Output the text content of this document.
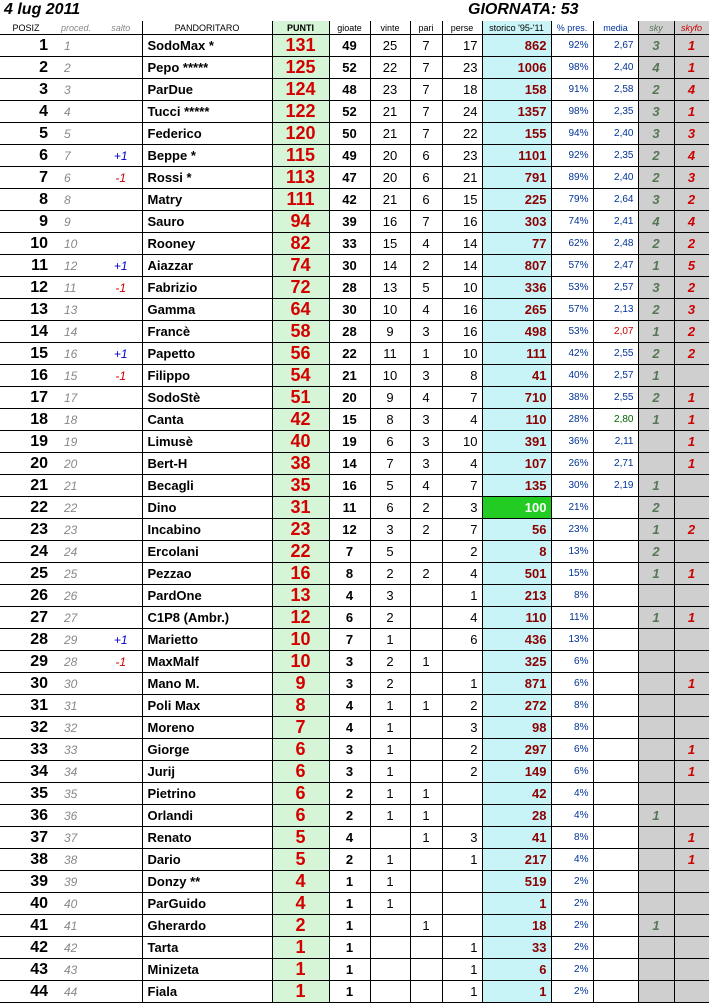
4 lug 2011	GIORNATA: 53
POSIZ	proced.	salto	PANDORITARO	PUNTI	gioate	vinte	pari	perse	storico '95-'11	% pres.	media	sky	skyfo
1	1		SodoMax *	131	49	25	7	17	862	92%	2,67	3	1
2	2		Pepo *****	125	52	22	7	23	1006	98%	2,40	4	1
3	3		ParDue	124	48	23	7	18	158	91%	2,58	2	4
4	4		Tucci *****	122	52	21	7	24	1357	98%	2,35	3	1
5	5		Federico	120	50	21	7	22	155	94%	2,40	3	3
6	7	+1	Beppe *	115	49	20	6	23	1101	92%	2,35	2	4
7	6	-1	Rossi *	113	47	20	6	21	791	89%	2,40	2	3
8	8		Matry	111	42	21	6	15	225	79%	2,64	3	2
9	9		Sauro	94	39	16	7	16	303	74%	2,41	4	4
10	10		Rooney	82	33	15	4	14	77	62%	2,48	2	2
11	12	+1	Aiazzar	74	30	14	2	14	807	57%	2,47	1	5
12	11	-1	Fabrizio	72	28	13	5	10	336	53%	2,57	3	2
13	13		Gamma	64	30	10	4	16	265	57%	2,13	2	3
14	14		Francè	58	28	9	3	16	498	53%	2,07	1	2
15	16	+1	Papetto	56	22	11	1	10	111	42%	2,55	2	2
16	15	-1	Filippo	54	21	10	3	8	41	40%	2,57	1	
17	17		SodoStè	51	20	9	4	7	710	38%	2,55	2	1
18	18		Canta	42	15	8	3	4	110	28%	2,80	1	1
19	19		Limusè	40	19	6	3	10	391	36%	2,11		1
20	20		Bert-H	38	14	7	3	4	107	26%	2,71		1
21	21		Becagli	35	16	5	4	7	135	30%	2,19	1	
22	22		Dino	31	11	6	2	3	100	21%		2	
23	23		Incabino	23	12	3	2	7	56	23%		1	2
24	24		Ercolani	22	7	5		2	8	13%		2	
25	25		Pezzao	16	8	2	2	4	501	15%		1	1
26	26		PardOne	13	4	3		1	213	8%			
27	27		C1P8 (Ambr.)	12	6	2		4	110	11%		1	1
28	29	+1	Marietto	10	7	1		6	436	13%			
29	28	-1	MaxMalf	10	3	2	1		325	6%			
30	30		Mano M.	9	3	2		1	871	6%			1
31	31		Poli Max	8	4	1	1	2	272	8%			
32	32		Moreno	7	4	1		3	98	8%			
33	33		Giorge	6	3	1		2	297	6%			1
34	34		Jurij	6	3	1		2	149	6%			1
35	35		Pietrino	6	2	1	1		42	4%			
36	36		Orlandi	6	2	1	1		28	4%		1	
37	37		Renato	5	4		1	3	41	8%			1
38	38		Dario	5	2	1		1	217	4%			1
39	39		Donzy **	4	1	1			519	2%			
40	40		ParGuido	4	1	1			1	2%			
41	41		Gherardo	2	1		1		18	2%		1	
42	42		Tarta	1	1			1	33	2%			
43	43		Minizeta	1	1			1	6	2%			
44	44		Fiala	1	1			1	1	2%			
